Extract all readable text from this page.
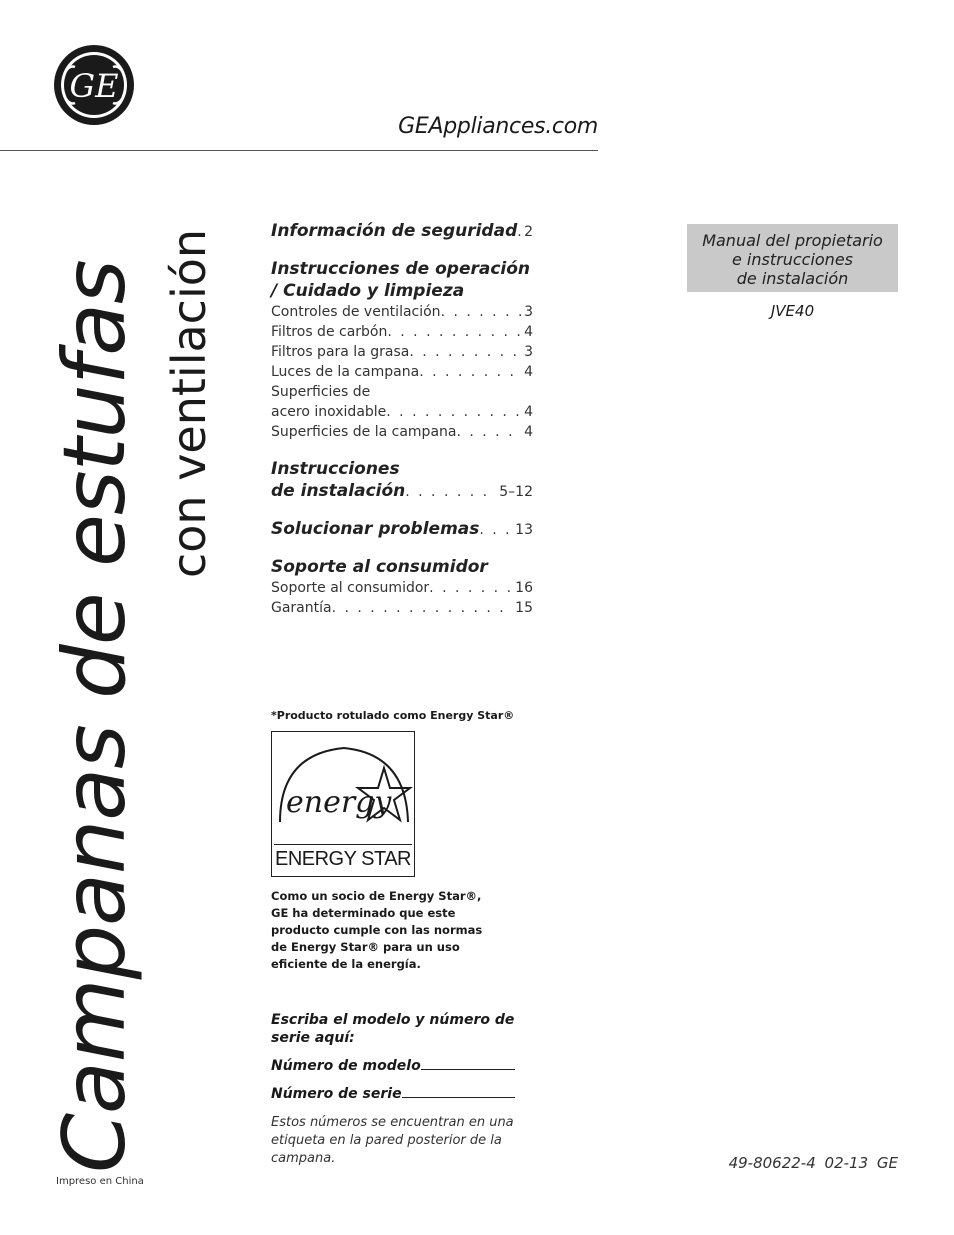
GE
GEAppliances.com
Campanas de estufas con ventilación	Información de seguridad . . . 2
Instrucciones de operación / Cuidado y limpieza
Controles de ventilación . . .	3
Filtros de carbón . . .	4
Filtros para la grasa . . .	3
Luces de la campana . . .	4
Superficies de
acero inoxidable . . .	4
Superficies de la campana . . .	4
Instrucciones
de instalación . . .	5–12
Solucionar problemas . . .	13
Soporte al consumidor
Soporte al consumidor . . .	16
Garantía . . .	15
Manual del propietario
e instrucciones
de instalación
JVE40
*Producto rotulado como Energy Star®
energy
ENERGY STAR
Como un socio de Energy Star®, GE ha determinado que este producto cumple con las normas de Energy Star® para un uso eficiente de la energía.
Escriba el modelo y número de serie aquí:
Número de modelo
Número de serie
Estos números se encuentran en una etiqueta en la pared posterior de la campana.	49-80622-4 02-13 GE
Impreso en China
